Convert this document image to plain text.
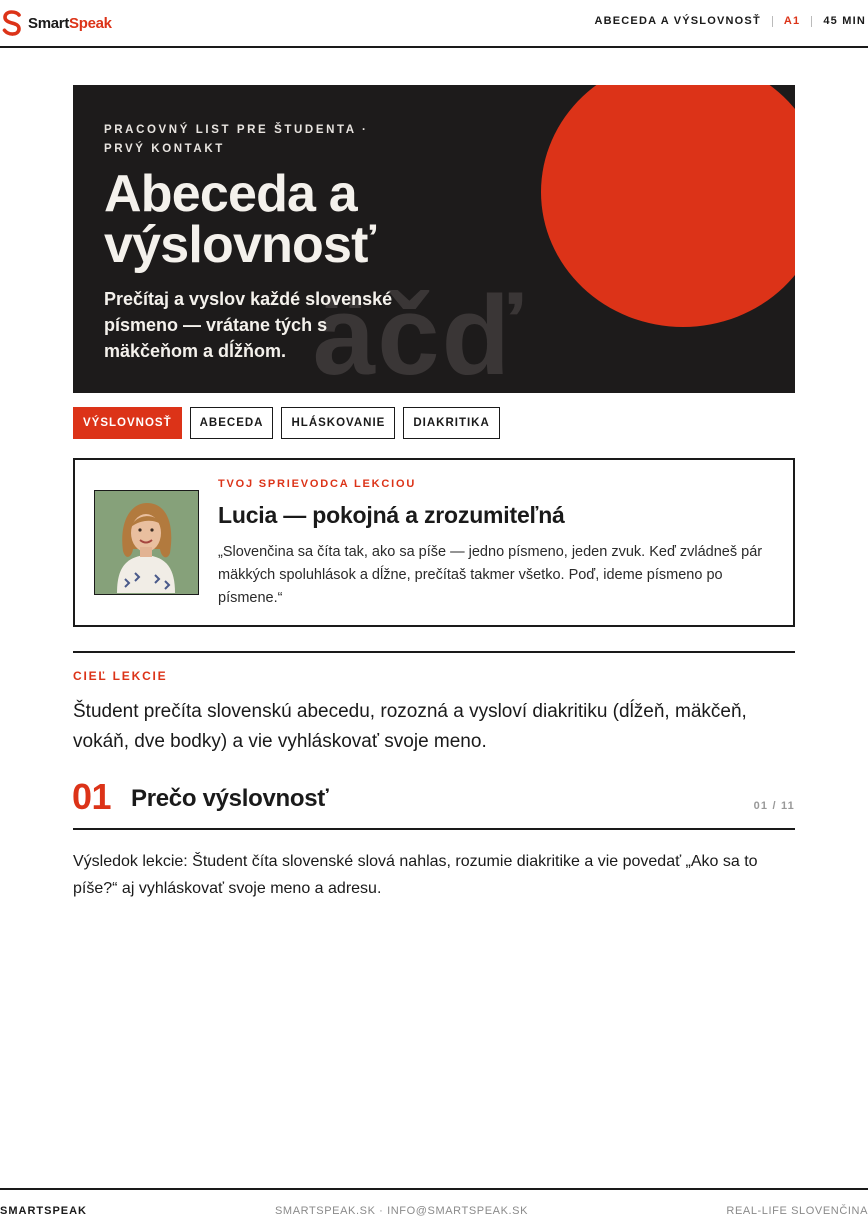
SmartSpeak	ABECEDA A VÝSLOVNOSŤ A1 45 MIN
äčď
PRACOVNÝ LIST PRE ŠTUDENTA · PRVÝ KONTAKT
Abeceda a výslovnosť
Prečítaj a vyslov každé slovenské písmeno — vrátane tých s mäkčeňom a dĺžňom.
VÝSLOVNOSŤ	ABECEDA	HLÁSKOVANIE	DIAKRITIKA
TVOJ SPRIEVODCA LEKCIOU
Lucia — pokojná a zrozumiteľná
„Slovenčina sa číta tak, ako sa píše — jedno písmeno, jeden zvuk. Keď zvládneš pár mäkkých spoluhlások a dĺžne, prečítaš takmer všetko. Poď, ideme písmeno po písmene.“
CIEĽ LEKCIE
Študent prečíta slovenskú abecedu, rozozná a vysloví diakritiku (dĺžeň, mäkčeň, vokáň, dve bodky) a vie vyhláskovať svoje meno.
01 Prečo výslovnosť	01 / 11
Výsledok lekcie: Študent číta slovenské slová nahlas, rozumie diakritike a vie povedať „Ako sa to píše?“ aj vyhláskovať svoje meno a adresu.
SMARTSPEAK	SMARTSPEAK.SK · INFO@SMARTSPEAK.SK	REAL-LIFE SLOVENČINA
